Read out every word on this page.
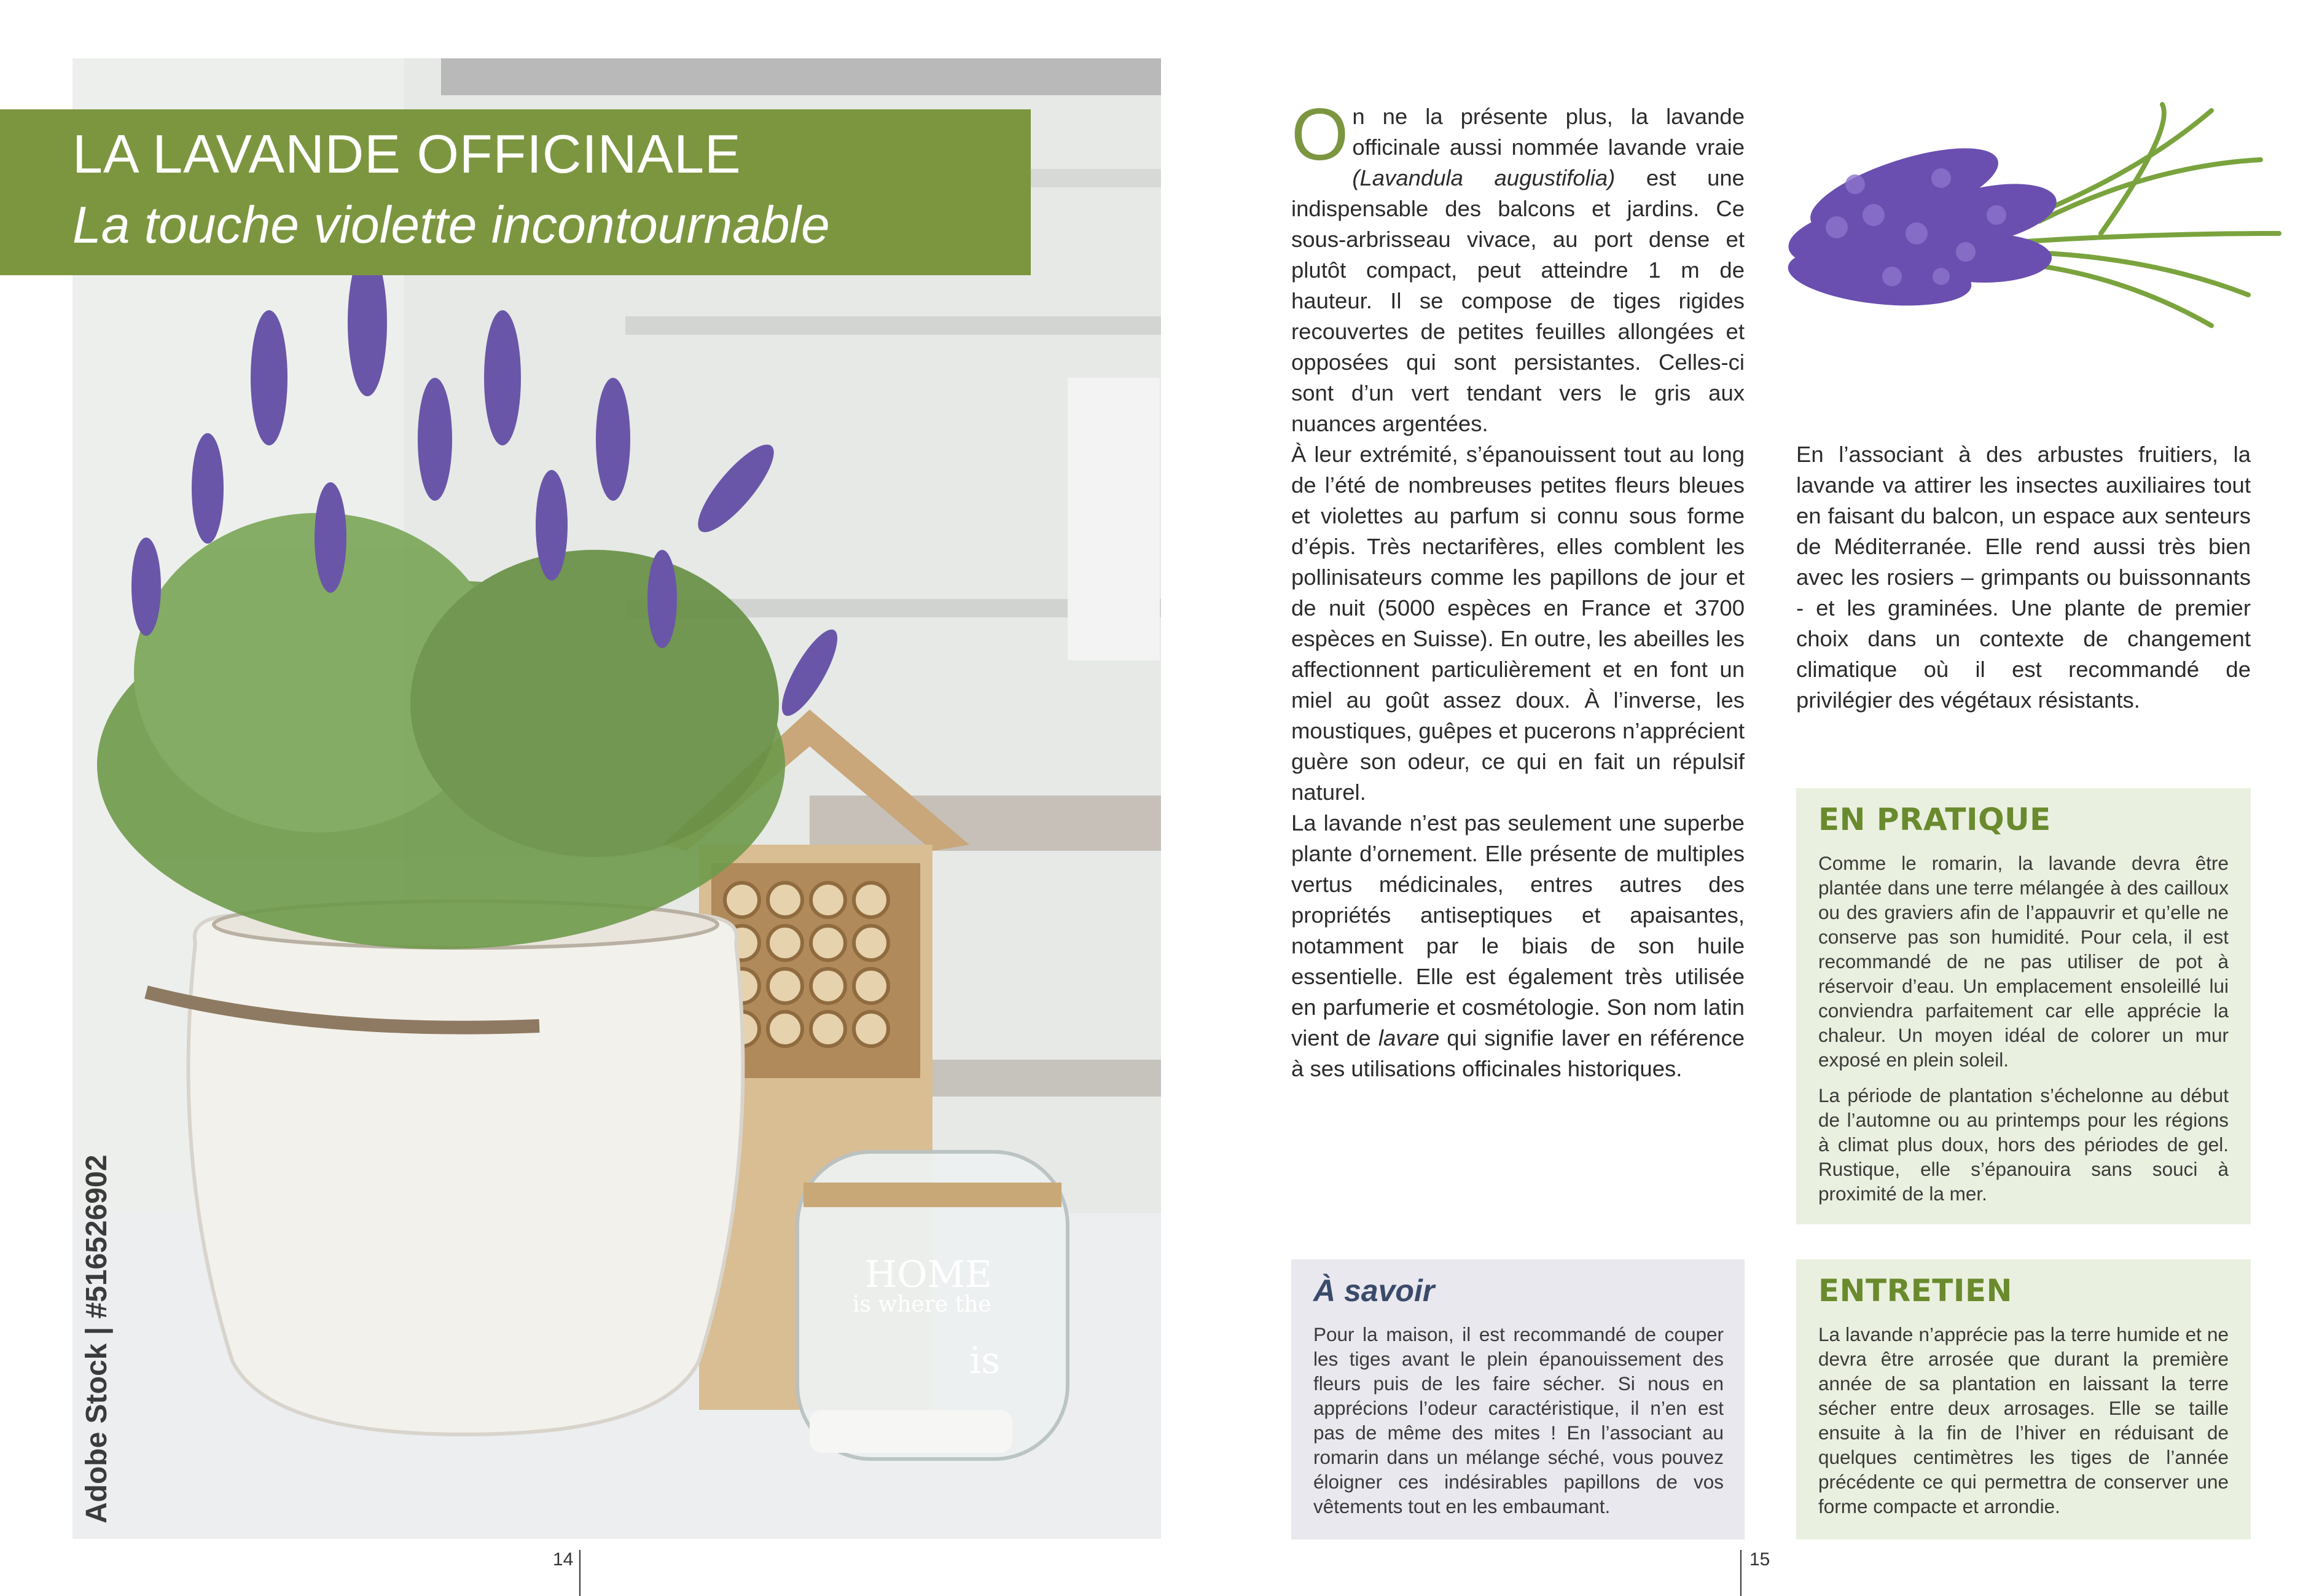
HOME
is where the
is
Adobe Stock | #516526902
LA LAVANDE OFFICINALE
La touche violette incontournable
14
On ne la présente plus, la lavande officinale aussi nommée lavande vraie (Lavandula augustifolia) est une indispensable des balcons et jardins. Ce sous-arbrisseau vivace, au port dense et plutôt compact, peut atteindre 1 m de hauteur. Il se compose de tiges rigides recouvertes de petites feuilles allongées et opposées qui sont persistantes. Celles-ci sont d’un vert tendant vers le gris aux nuances argentées.
À leur extrémité, s’épanouissent tout au long de l’été de nombreuses petites fleurs bleues et violettes au parfum si connu sous forme d’épis. Très nectarifères, elles comblent les pollinisateurs comme les papillons de jour et de nuit (5000 espèces en France et 3700 espèces en Suisse). En outre, les abeilles les affectionnent particulièrement et en font un miel au goût assez doux. À l’inverse, les moustiques, guêpes et pucerons n’apprécient guère son odeur, ce qui en fait un répulsif naturel.
La lavande n’est pas seulement une superbe plante d’ornement. Elle présente de multiples vertus médicinales, entres autres des propriétés antiseptiques et apaisantes, notamment par le biais de son huile essentielle. Elle est également très utilisée en parfumerie et cosmétologie. Son nom latin vient de lavare qui signifie laver en référence à ses utilisations officinales historiques.
En l’associant à des arbustes fruitiers, la lavande va attirer les insectes auxiliaires tout en faisant du balcon, un espace aux senteurs de Méditerranée. Elle rend aussi très bien avec les rosiers – grimpants ou buissonnants - et les graminées. Une plante de premier choix dans un contexte de changement climatique où il est recommandé de privilégier des végétaux résistants.
EN PRATIQUE
Comme le romarin, la lavande devra être plantée dans une terre mélangée à des cailloux ou des graviers afin de l’appauvrir et qu’elle ne conserve pas son humidité. Pour cela, il est recommandé de ne pas utiliser de pot à réservoir d’eau. Un emplacement ensoleillé lui conviendra parfaitement car elle apprécie la chaleur. Un moyen idéal de colorer un mur exposé en plein soleil.
La période de plantation s’échelonne au début de l’automne ou au printemps pour les régions à climat plus doux, hors des périodes de gel. Rustique, elle s’épanouira sans souci à proximité de la mer.
À savoir
Pour la maison, il est recommandé de couper les tiges avant le plein épanouissement des fleurs puis de les faire sécher. Si nous en apprécions l’odeur caractéristique, il n’en est pas de même des mites ! En l’associant au romarin dans un mélange séché, vous pouvez éloigner ces indésirables papillons de vos vêtements tout en les embaumant.
ENTRETIEN
La lavande n’apprécie pas la terre humide et ne devra être arrosée que durant la première année de sa plantation en laissant la terre sécher entre deux arrosages. Elle se taille ensuite à la fin de l’hiver en réduisant de quelques centimètres les tiges de l’année précédente ce qui permettra de conserver une forme compacte et arrondie.
15
